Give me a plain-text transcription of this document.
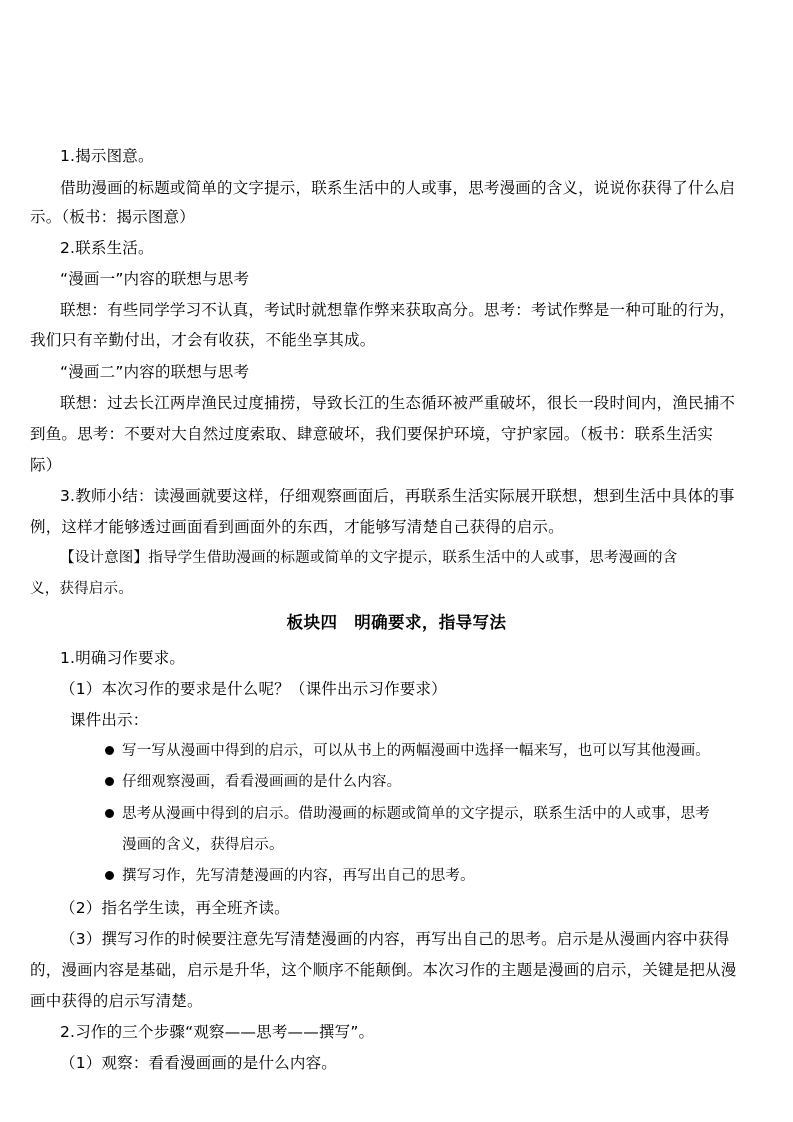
1.揭示图意。
借助漫画的标题或简单的文字提示，联系生活中的人或事，思考漫画的含义，说说你获得了什么启
示。（板书：揭示图意）
2.联系生活。
“漫画一”内容的联想与思考
联想：有些同学学习不认真，考试时就想靠作弊来获取高分。思考：考试作弊是一种可耻的行为，
我们只有辛勤付出，才会有收获，不能坐享其成。
“漫画二”内容的联想与思考
联想：过去长江两岸渔民过度捕捞，导致长江的生态循环被严重破坏，很长一段时间内，渔民捕不
到鱼。思考：不要对大自然过度索取、肆意破坏，我们要保护环境，守护家园。（板书：联系生活实
际）
3.教师小结：读漫画就要这样，仔细观察画面后，再联系生活实际展开联想，想到生活中具体的事
例，这样才能够透过画面看到画面外的东西，才能够写清楚自己获得的启示。
【设计意图】指导学生借助漫画的标题或简单的文字提示，联系生活中的人或事，思考漫画的含
义，获得启示。
板块四　明确要求，指导写法
1.明确习作要求。
（1）本次习作的要求是什么呢？（课件出示习作要求）
课件出示：
写一写从漫画中得到的启示，可以从书上的两幅漫画中选择一幅来写，也可以写其他漫画。
仔细观察漫画，看看漫画画的是什么内容。
思考从漫画中得到的启示。借助漫画的标题或简单的文字提示，联系生活中的人或事，思考
漫画的含义，获得启示。
撰写习作，先写清楚漫画的内容，再写出自己的思考。
（2）指名学生读，再全班齐读。
（3）撰写习作的时候要注意先写清楚漫画的内容，再写出自己的思考。启示是从漫画内容中获得
的，漫画内容是基础，启示是升华，这个顺序不能颠倒。本次习作的主题是漫画的启示，关键是把从漫
画中获得的启示写清楚。
2.习作的三个步骤“观察——思考——撰写”。
（1）观察：看看漫画画的是什么内容。
